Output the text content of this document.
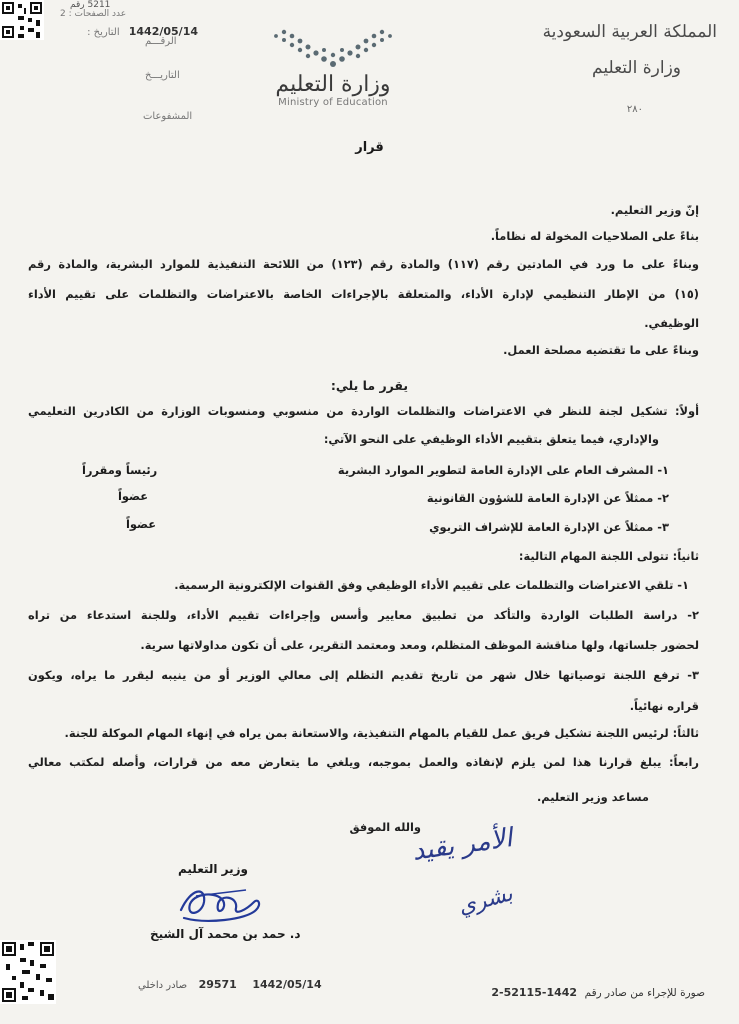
5211 رقم
عدد الصفحات : 2
1442/05/14 التاريخ :
الرقـــم
التاريـــخ
المشفوعات
وزارة التعليم
Ministry of Education
المملكة العربية السعودية
وزارة التعليم
٢٨٠
قرار
إنّ وزير التعليم.
بناءً على الصلاحيات المخولة له نظاماً.
وبناءً على ما ورد في المادتين رقم (١١٧) والمادة رقم (١٢٣) من اللائحة التنفيذية للموارد البشرية، والمادة رقم
(١٥) من الإطار التنظيمي لإدارة الأداء، والمتعلقة بالإجراءات الخاصة بالاعتراضات والتظلمات على تقييم الأداء
الوظيفي.
وبناءً على ما تقتضيه مصلحة العمل.
يقرر ما يلي:
أولاً: تشكيل لجنة للنظر في الاعتراضات والتظلمات الواردة من منسوبي ومنسوبات الوزارة من الكادرين التعليمي
والإداري، فيما يتعلق بتقييم الأداء الوظيفي على النحو الآتي:
١- المشرف العام على الإدارة العامة لتطوير الموارد البشرية
رئيساً ومقرراً
٢- ممثلاً عن الإدارة العامة للشؤون القانونية
عضواً
٣- ممثلاً عن الإدارة العامة للإشراف التربوي
عضواً
ثانياً: تتولى اللجنة المهام التالية:
١- تلقي الاعتراضات والتظلمات على تقييم الأداء الوظيفي وفق القنوات الإلكترونية الرسمية.
٢- دراسة الطلبات الواردة والتأكد من تطبيق معايير وأسس وإجراءات تقييم الأداء، وللجنة استدعاء من تراه
لحضور جلساتها، ولها مناقشة الموظف المتظلم، ومعد ومعتمد التقرير، على أن تكون مداولاتها سرية.
٣- ترفع اللجنة توصياتها خلال شهر من تاريخ تقديم التظلم إلى معالي الوزير أو من ينيبه ليقرر ما يراه، ويكون
قراره نهائياً.
ثالثاً: لرئيس اللجنة تشكيل فريق عمل للقيام بالمهام التنفيذية، والاستعانة بمن يراه في إنهاء المهام الموكلة للجنة.
رابعاً: يبلغ قرارنا هذا لمن يلزم لإنفاذه والعمل بموجبه، ويلغي ما يتعارض معه من قرارات، وأصله لمكتب معالي
مساعد وزير التعليم.
والله الموفق
الأمر يقيد
بشري
وزير التعليم
د. حمد بن محمد آل الشيخ
1442/05/14 29571 صادر داخلي
صورة للإجراء من صادر رقم 1442-52115-2
